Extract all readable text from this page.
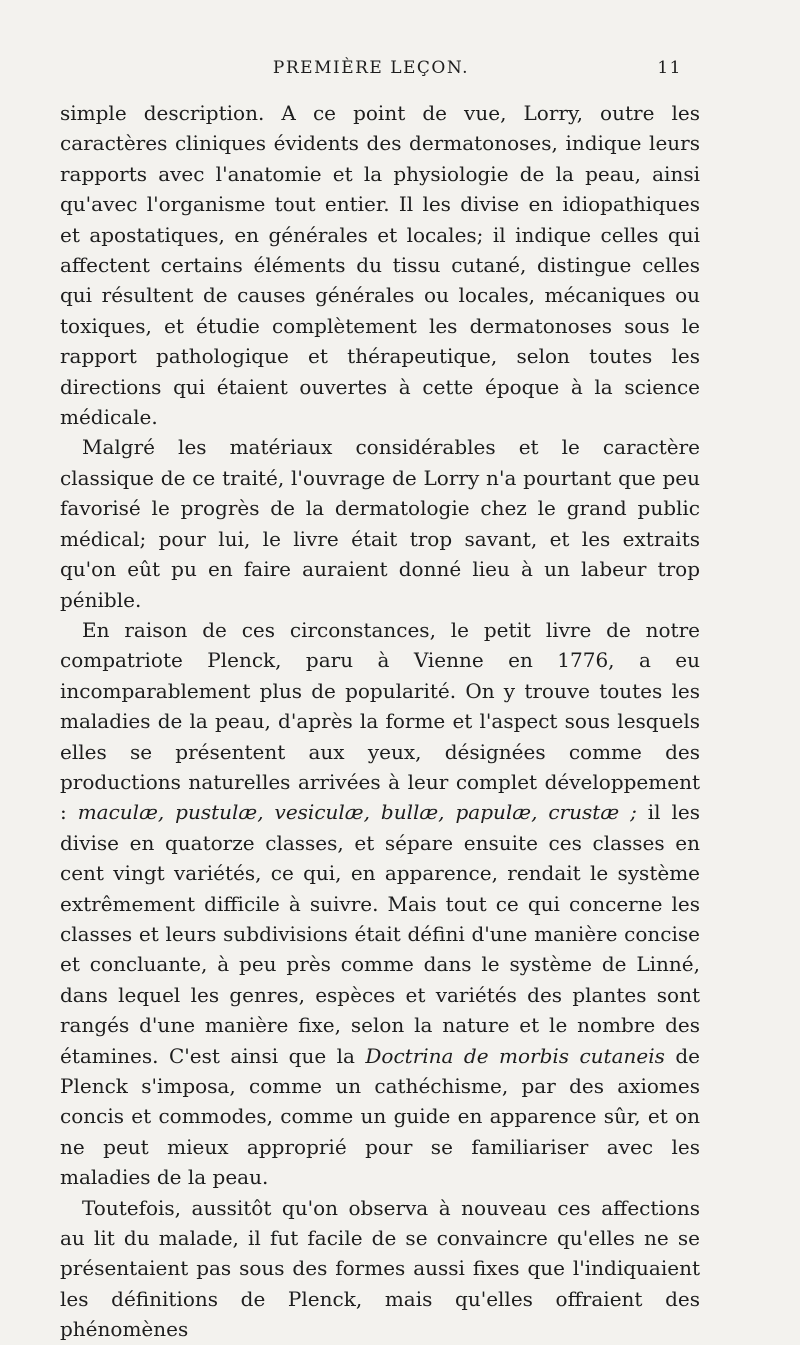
PREMIÈRE LEÇON.	11

simple description. A ce point de vue, Lorry, outre les caractères cliniques évidents des dermatonoses, indique leurs rapports avec l'anatomie et la physiologie de la peau, ainsi qu'avec l'organisme tout entier. Il les divise en idiopathiques et apostatiques, en générales et locales; il indique celles qui affectent certains éléments du tissu cutané, distingue celles qui résultent de causes générales ou locales, mécaniques ou toxiques, et étudie complètement les dermatonoses sous le rapport pathologique et thérapeutique, selon toutes les directions qui étaient ouvertes à cette époque à la science médicale.

Malgré les matériaux considérables et le caractère classique de ce traité, l'ouvrage de Lorry n'a pourtant que peu favorisé le progrès de la dermatologie chez le grand public médical; pour lui, le livre était trop savant, et les extraits qu'on eût pu en faire auraient donné lieu à un labeur trop pénible.

En raison de ces circonstances, le petit livre de notre compatriote Plenck, paru à Vienne en 1776, a eu incomparablement plus de popularité. On y trouve toutes les maladies de la peau, d'après la forme et l'aspect sous lesquels elles se présentent aux yeux, désignées comme des productions naturelles arrivées à leur complet développement : maculæ, pustulæ, vesiculæ, bullæ, papulæ, crustæ ; il les divise en quatorze classes, et sépare ensuite ces classes en cent vingt variétés, ce qui, en apparence, rendait le système extrêmement difficile à suivre. Mais tout ce qui concerne les classes et leurs subdivisions était défini d'une manière concise et concluante, à peu près comme dans le système de Linné, dans lequel les genres, espèces et variétés des plantes sont rangés d'une manière fixe, selon la nature et le nombre des étamines. C'est ainsi que la Doctrina de morbis cutaneis de Plenck s'imposa, comme un cathéchisme, par des axiomes concis et commodes, comme un guide en apparence sûr, et on ne peut mieux approprié pour se familiariser avec les maladies de la peau.

Toutefois, aussitôt qu'on observa à nouveau ces affections au lit du malade, il fut facile de se convaincre qu'elles ne se présentaient pas sous des formes aussi fixes que l'indiquaient les définitions de Plenck, mais qu'elles offraient des phénomènes
